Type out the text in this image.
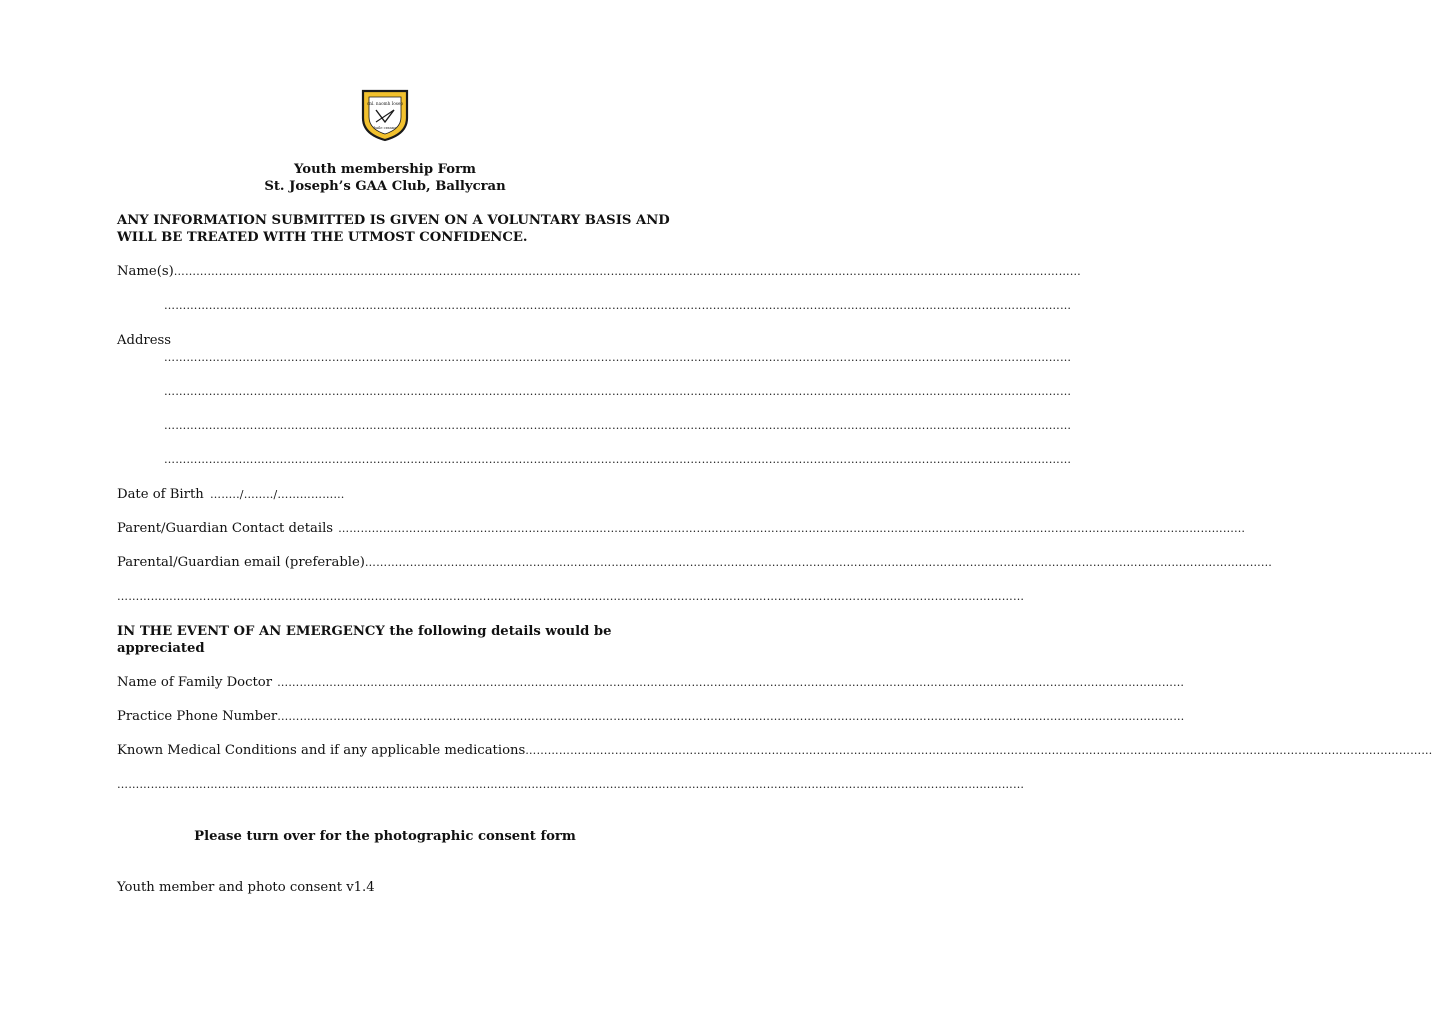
cnl. naomh Iosep
baile cranna
Youth membership Form
St. Joseph’s GAA Club, Ballycran
ANY INFORMATION SUBMITTED IS GIVEN ON A VOLUNTARY BASIS AND
WILL BE TREATED WITH THE UTMOST CONFIDENCE.
Name(s) ………………………………………………………………………………………………………………………………………………………………………………………………………………………
………………………………………………………………………………………………………………………………………………………………………………………………………………………
Address
………………………………………………………………………………………………………………………………………………………………………………………………………………………
………………………………………………………………………………………………………………………………………………………………………………………………………………………
………………………………………………………………………………………………………………………………………………………………………………………………………………………
………………………………………………………………………………………………………………………………………………………………………………………………………………………
Date of Birth ……../……../………………
Parent/Guardian Contact details ………………………………………………………………………………………………………………………………………………………………………………………………………………………
Parental/Guardian email (preferable) ………………………………………………………………………………………………………………………………………………………………………………………………………………………
………………………………………………………………………………………………………………………………………………………………………………………………………………………
IN THE EVENT OF AN EMERGENCY the following details would be
appreciated
Name of Family Doctor ………………………………………………………………………………………………………………………………………………………………………………………………………………………
Practice Phone Number ………………………………………………………………………………………………………………………………………………………………………………………………………………………
Known Medical Conditions and if any applicable medications ………………………………………………………………………………………………………………………………………………………………………………………………………………………
………………………………………………………………………………………………………………………………………………………………………………………………………………………
Please turn over for the photographic consent form
Youth member and photo consent v1.4
